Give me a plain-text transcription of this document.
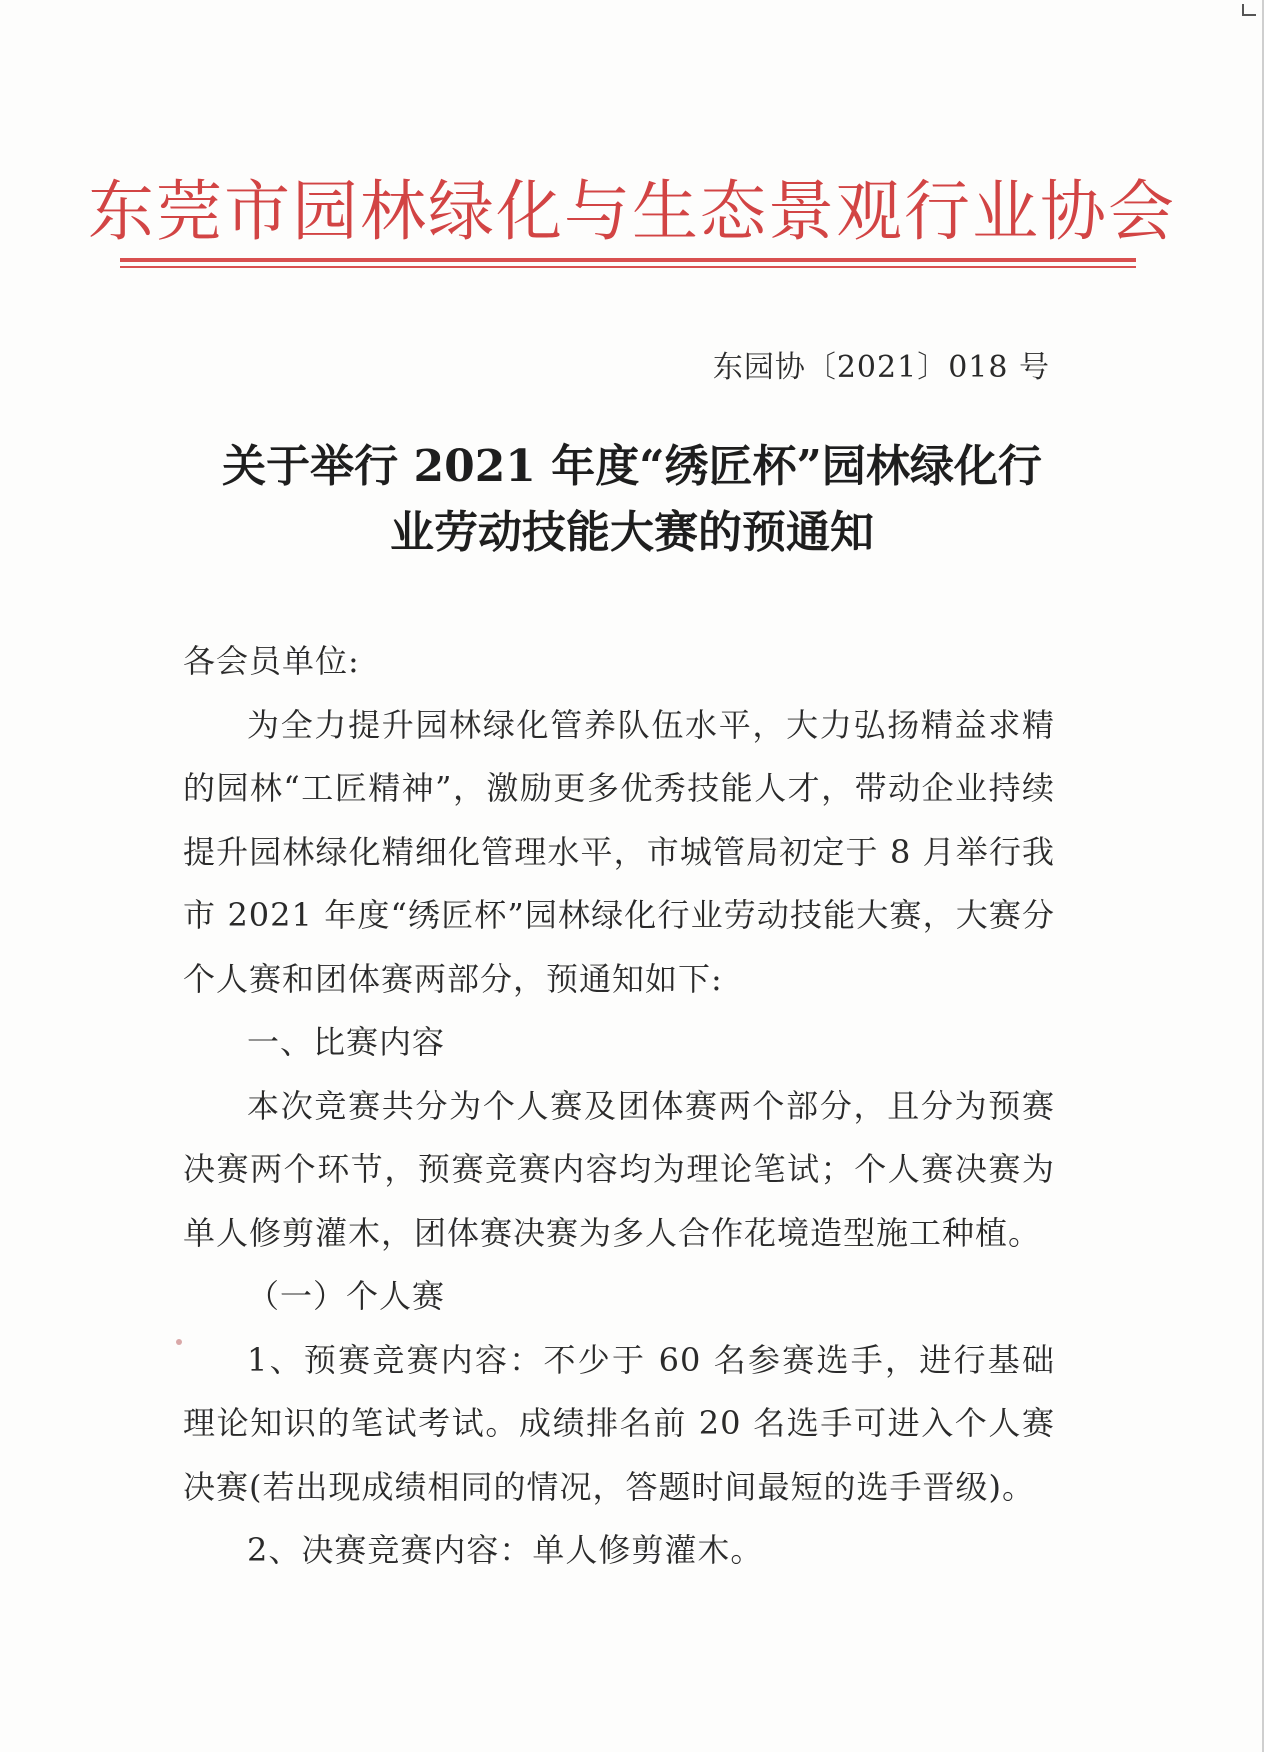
东莞市园林绿化与生态景观行业协会
东园协〔2021〕018 号
关于举行 2021 年度“绣匠杯”园林绿化行
业劳动技能大赛的预通知

各会员单位:

为全力提升园林绿化管养队伍水平，大力弘扬精益求精的园林“工匠精神”，激励更多优秀技能人才，带动企业持续提升园林绿化精细化管理水平，市城管局初定于 8 月举行我市 2021 年度“绣匠杯”园林绿化行业劳动技能大赛，大赛分个人赛和团体赛两部分，预通知如下:

一、比赛内容

本次竞赛共分为个人赛及团体赛两个部分，且分为预赛决赛两个环节，预赛竞赛内容均为理论笔试；个人赛决赛为单人修剪灌木，团体赛决赛为多人合作花境造型施工种植。

（一）个人赛

1、预赛竞赛内容：不少于 60 名参赛选手，进行基础理论知识的笔试考试。成绩排名前 20 名选手可进入个人赛决赛(若出现成绩相同的情况，答题时间最短的选手晋级)。

2、决赛竞赛内容：单人修剪灌木。
